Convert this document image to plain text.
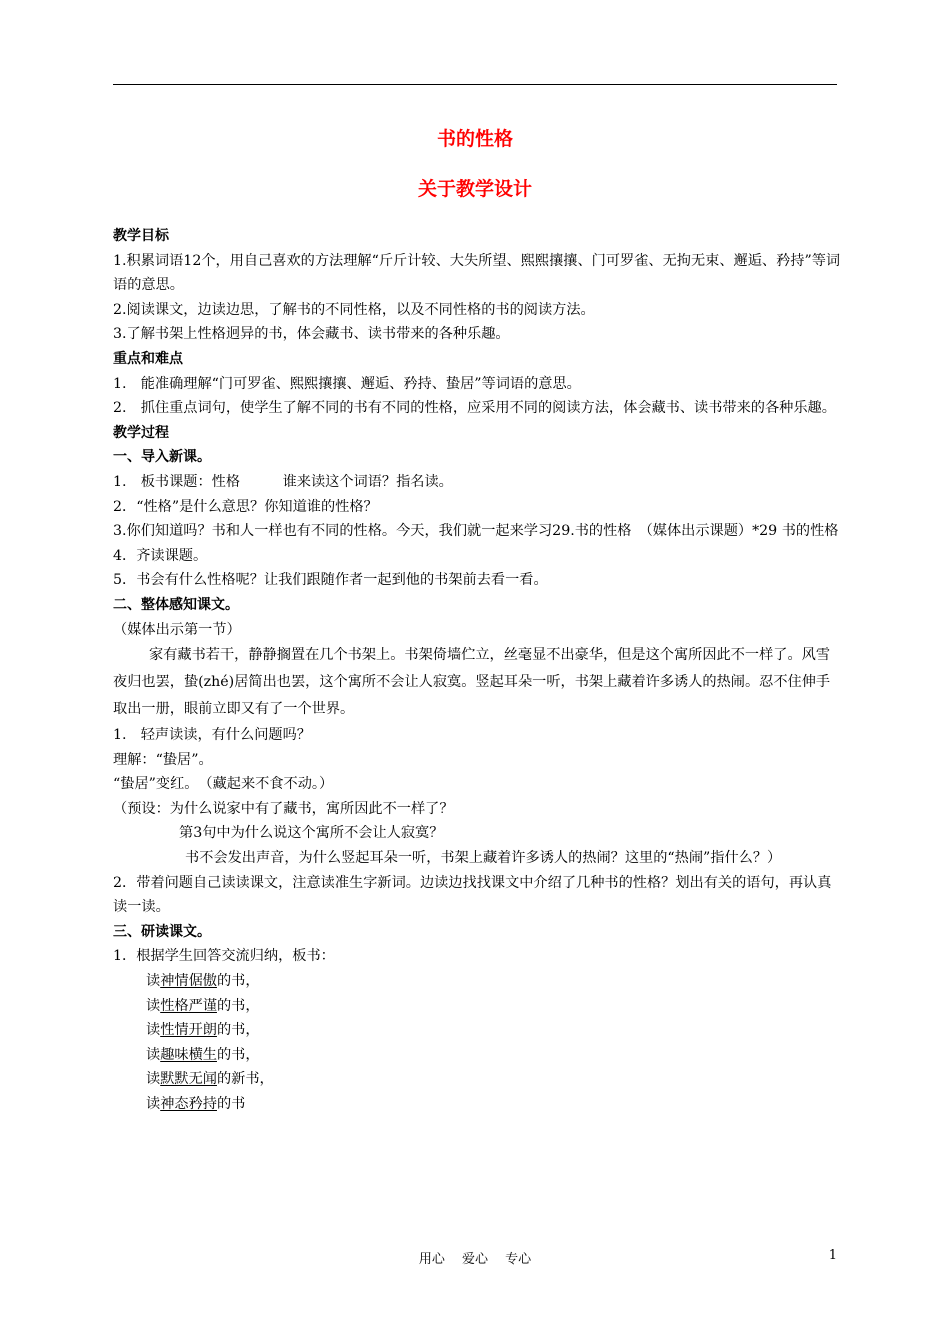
书的性格
关于教学设计

教学目标

1.积累词语12个，用自己喜欢的方法理解“斤斤计较、大失所望、熙熙攘攘、门可罗雀、无拘无束、邂逅、矜持”等词语的意思。

2.阅读课文，边读边思，了解书的不同性格，以及不同性格的书的阅读方法。

3.了解书架上性格迥异的书，体会藏书、读书带来的各种乐趣。

重点和难点

1.　能准确理解“门可罗雀、熙熙攘攘、邂逅、矜持、蛰居”等词语的意思。

2.　抓住重点词句，使学生了解不同的书有不同的性格，应采用不同的阅读方法，体会藏书、读书带来的各种乐趣。

教学过程

一、导入新课。

1.　板书课题：性格　　　谁来读这个词语？指名读。

2．“性格”是什么意思？你知道谁的性格？

3.你们知道吗？书和人一样也有不同的性格。今天，我们就一起来学习29.书的性格　（媒体出示课题）*29 书的性格

4．齐读课题。

5．书会有什么性格呢？让我们跟随作者一起到他的书架前去看一看。

二、整体感知课文。

（媒体出示第一节）

家有藏书若干，静静搁置在几个书架上。书架倚墙伫立，丝毫显不出豪华，但是这个寓所因此不一样了。风雪夜归也罢，蛰(zhé)居简出也罢，这个寓所不会让人寂寞。竖起耳朵一听，书架上藏着许多诱人的热闹。忍不住伸手取出一册，眼前立即又有了一个世界。

1.　轻声读读，有什么问题吗？

理解：“蛰居”。

“蛰居”变红。　（藏起来不食不动。）

（预设：为什么说家中有了藏书，寓所因此不一样了？

第3句中为什么说这个寓所不会让人寂寞？

书不会发出声音，为什么竖起耳朵一听，书架上藏着许多诱人的热闹？这里的“热闹”指什么？）

2．带着问题自己读读课文，注意读准生字新词。边读边找找课文中介绍了几种书的性格？划出有关的语句，再认真读一读。

三、研读课文。

1．根据学生回答交流归纳，板书：

读神情倨傲的书，

读性格严谨的书，

读性情开朗的书，

读趣味横生的书，

读默默无闻的新书，

读神态矜持的书

用心　 爱心　 专心	1
